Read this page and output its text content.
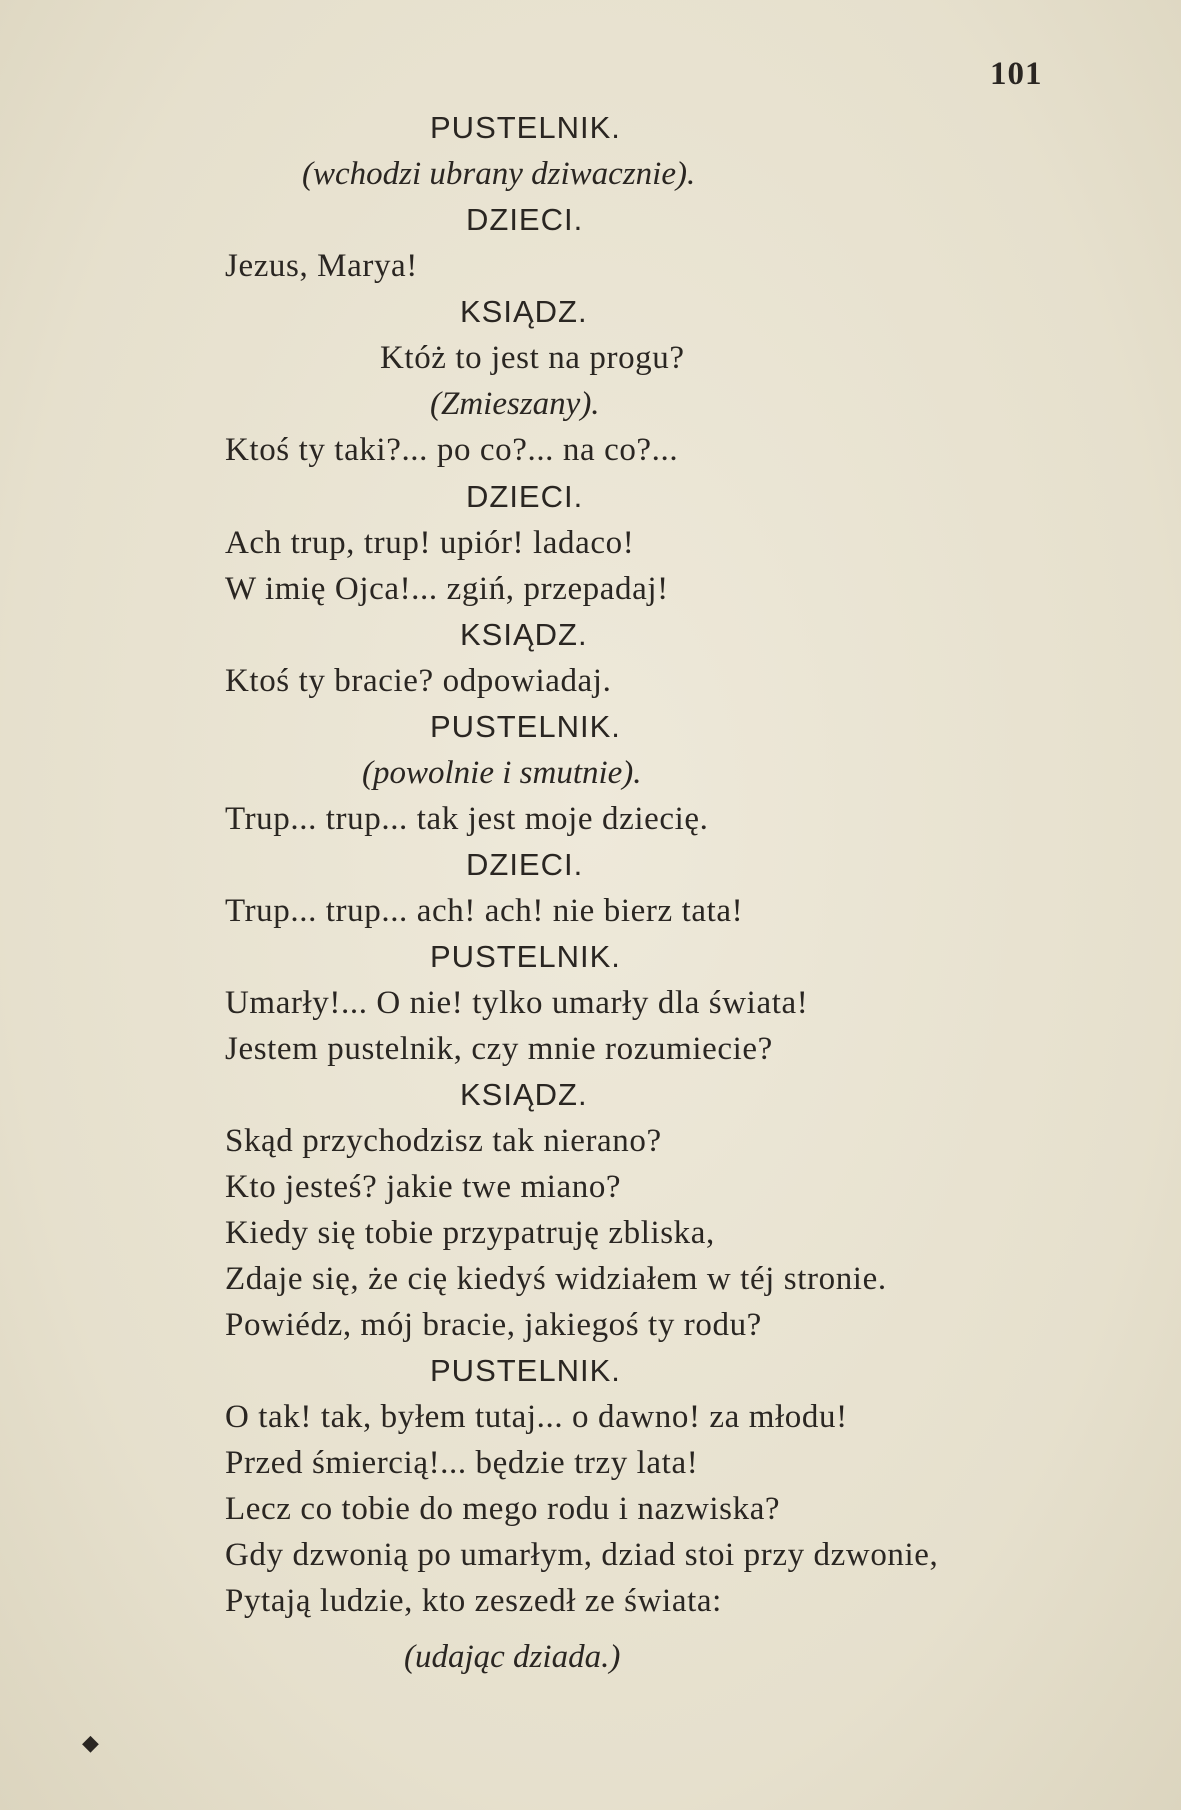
101
PUSTELNIK.
(wchodzi ubrany dziwacznie).
DZIECI.
Jezus, Marya!
KSIĄDZ.
Któż to jest na progu?
(Zmieszany).
Ktoś ty taki?... po co?... na co?...
DZIECI.
Ach trup, trup! upiór! ladaco!
W imię Ojca!... zgiń, przepadaj!
KSIĄDZ.
Ktoś ty bracie? odpowiadaj.
PUSTELNIK.
(powolnie i smutnie).
Trup... trup... tak jest moje dziecię.
DZIECI.
Trup... trup... ach! ach! nie bierz tata!
PUSTELNIK.
Umarły!... O nie! tylko umarły dla świata!
Jestem pustelnik, czy mnie rozumiecie?
KSIĄDZ.
Skąd przychodzisz tak nierano?
Kto jesteś? jakie twe miano?
Kiedy się tobie przypatruję zbliska,
Zdaje się, że cię kiedyś widziałem w téj stronie.
Powiédz, mój bracie, jakiegoś ty rodu?
PUSTELNIK.
O tak! tak, byłem tutaj... o dawno! za młodu!
Przed śmiercią!... będzie trzy lata!
Lecz co tobie do mego rodu i nazwiska?
Gdy dzwonią po umarłym, dziad stoi przy dzwonie,
Pytają ludzie, kto zeszedł ze świata:
(udając dziada.)
◆
